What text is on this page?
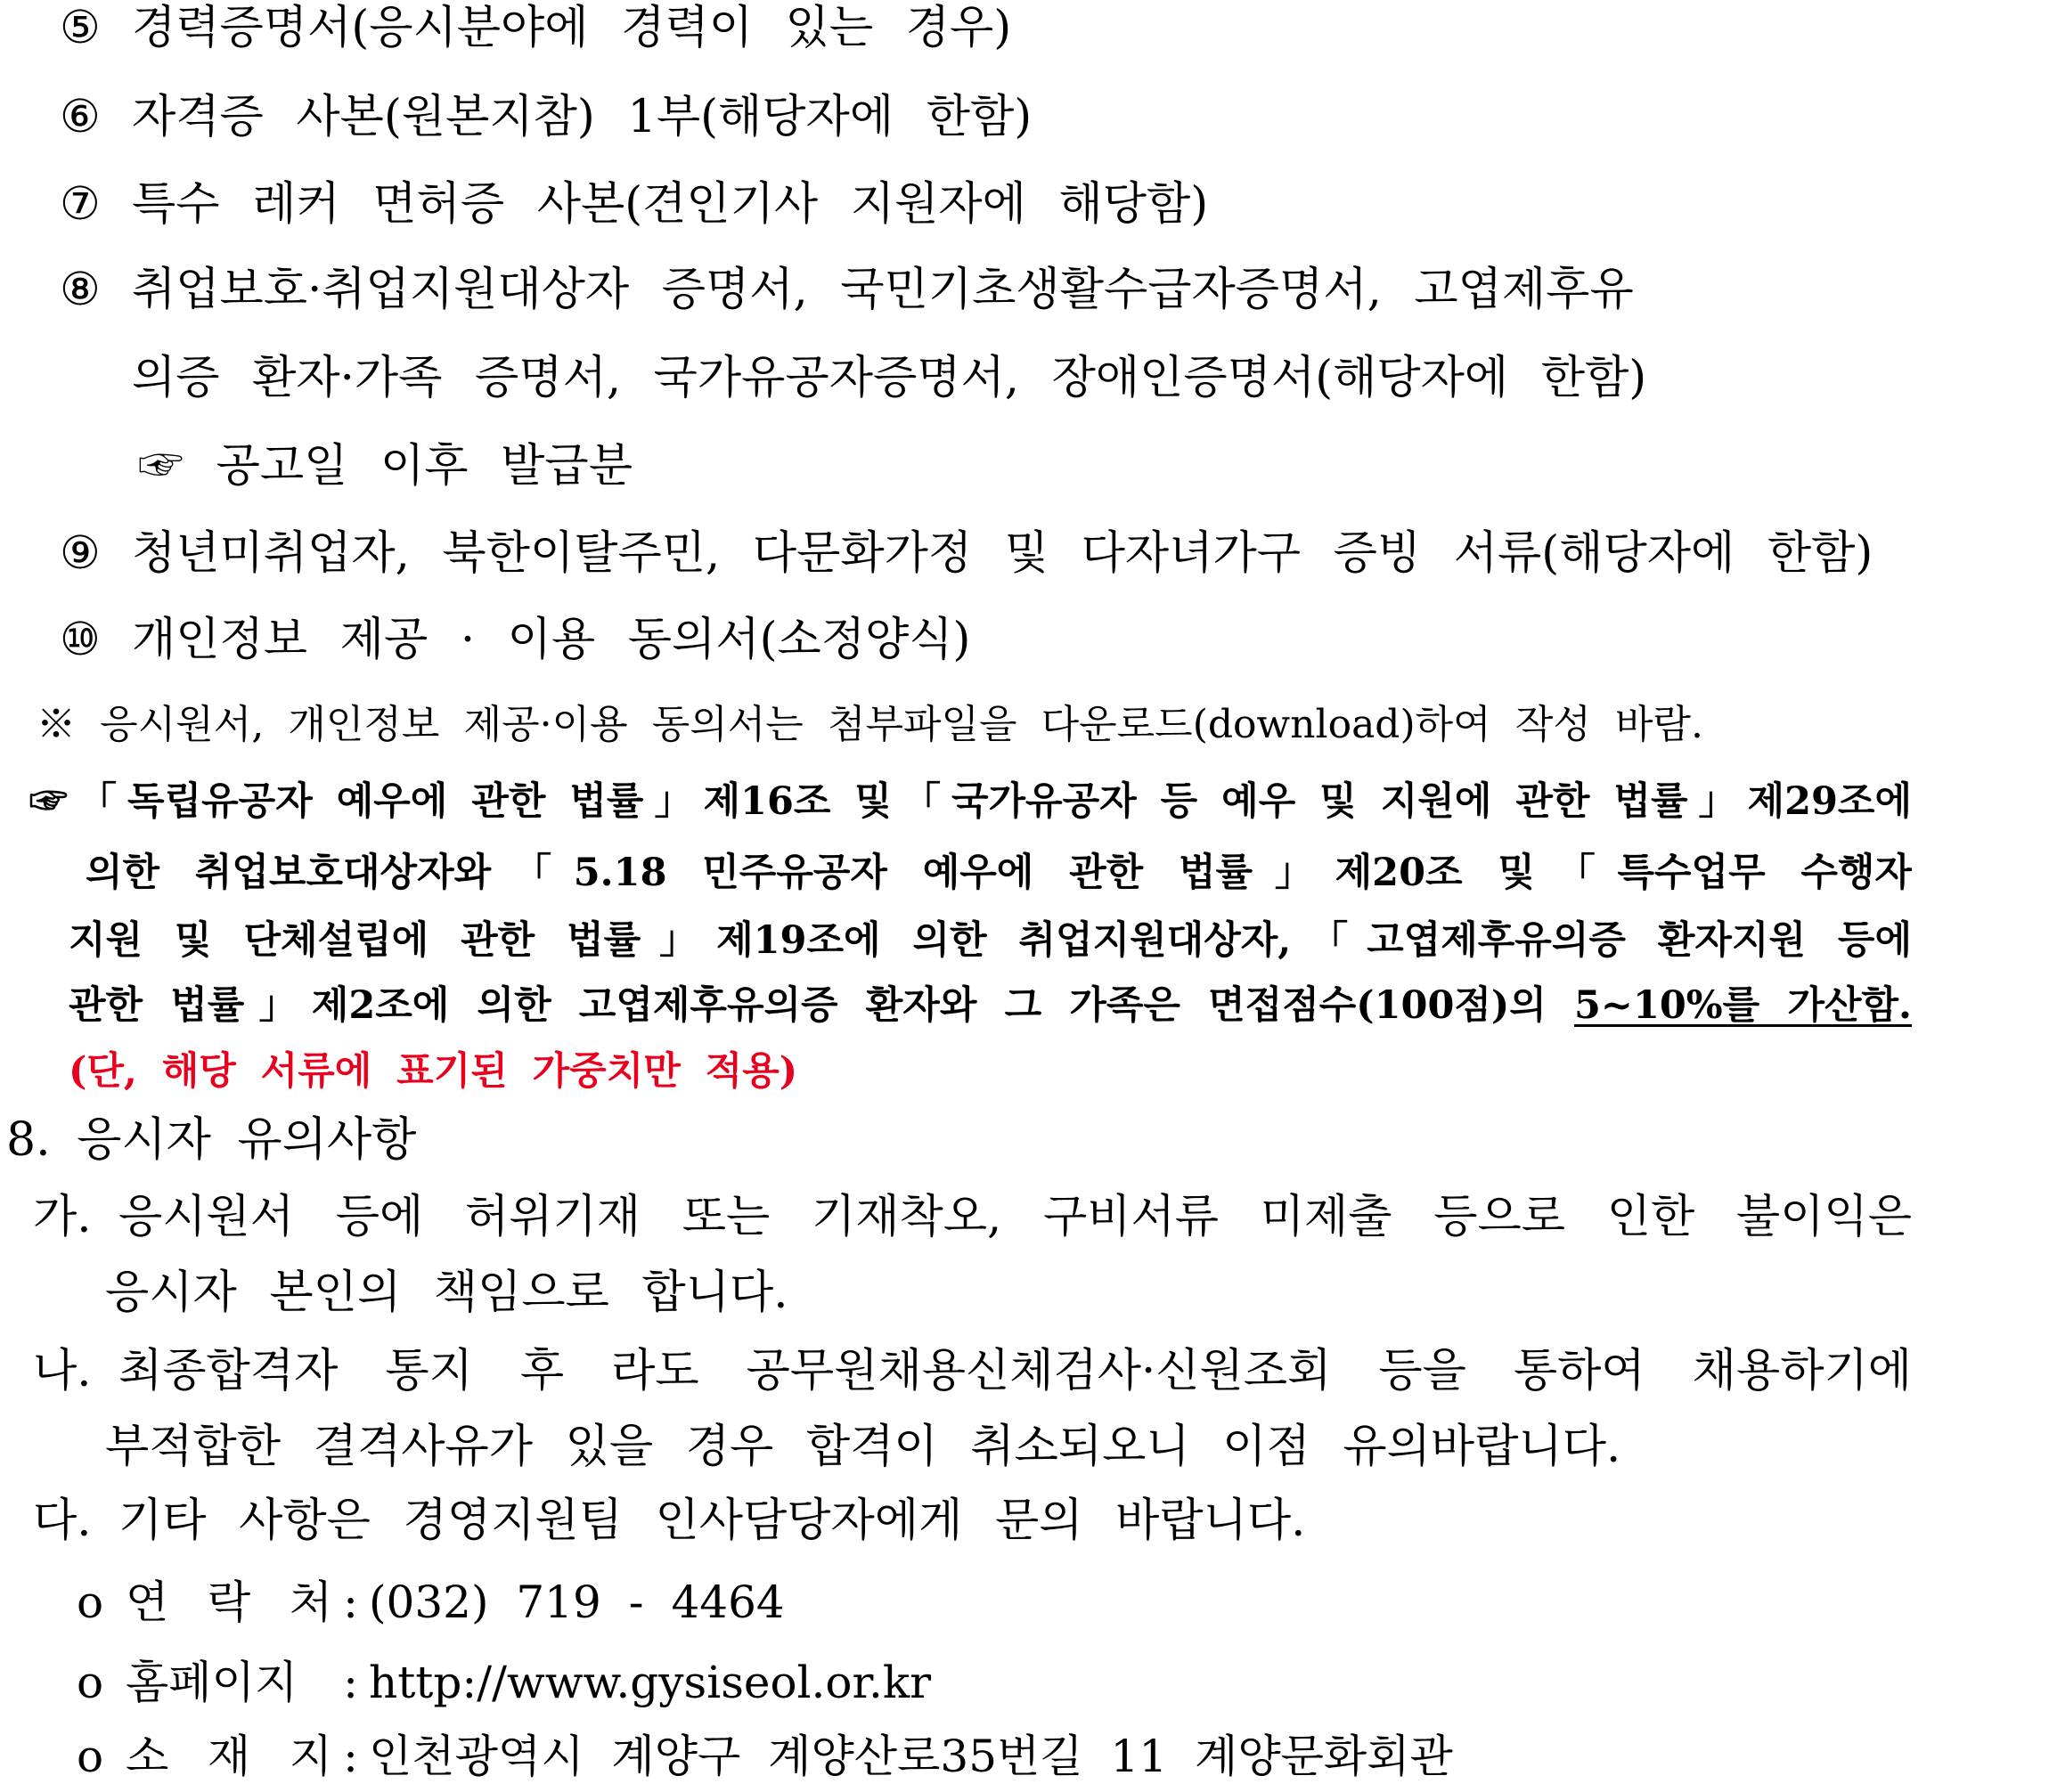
⑤ 경력증명서(응시분야에 경력이 있는 경우)
⑥ 자격증 사본(원본지참) 1부(해당자에 한함)
⑦ 특수 레커 면허증 사본(견인기사 지원자에 해당함)
⑧ 취업보호·취업지원대상자 증명서, 국민기초생활수급자증명서, 고엽제후유
의증 환자·가족 증명서, 국가유공자증명서, 장애인증명서(해당자에 한함)
☞ 공고일 이후 발급분
⑨ 청년미취업자, 북한이탈주민, 다문화가정 및 다자녀가구 증빙 서류(해당자에 한함)
⑩ 개인정보 제공 · 이용 동의서(소정양식)
※ 응시원서, 개인정보 제공·이용 동의서는 첨부파일을 다운로드(download)하여 작성 바람.
☞「독립유공자 예우에 관한 법률」제16조 및「국가유공자 등 예우 및 지원에 관한 법률」제29조에
의한 취업보호대상자와「5.18 민주유공자 예우에 관한 법률」제20조 및「특수업무 수행자
지원 및 단체설립에 관한 법률」제19조에 의한 취업지원대상자,「고엽제후유의증 환자지원 등에
관한 법률」제2조에 의한 고엽제후유의증 환자와 그 가족은 면접점수(100점)의 5~10%를 가산함.
(단, 해당 서류에 표기된 가중치만 적용)
8. 응시자 유의사항
가. 응시원서 등에 허위기재 또는 기재착오, 구비서류 미제출 등으로 인한 불이익은
응시자 본인의 책임으로 합니다.
나. 최종합격자 통지 후 라도 공무원채용신체검사·신원조회 등을 통하여 채용하기에
부적합한 결격사유가 있을 경우 합격이 취소되오니 이점 유의바랍니다.
다. 기타 사항은 경영지원팀 인사담당자에게 문의 바랍니다.
o 연 락 처 : (032) 719 - 4464
o 홈페이지 : http://www.gysiseol.or.kr
o 소 재 지 : 인천광역시 계양구 계양산로35번길 11 계양문화회관
